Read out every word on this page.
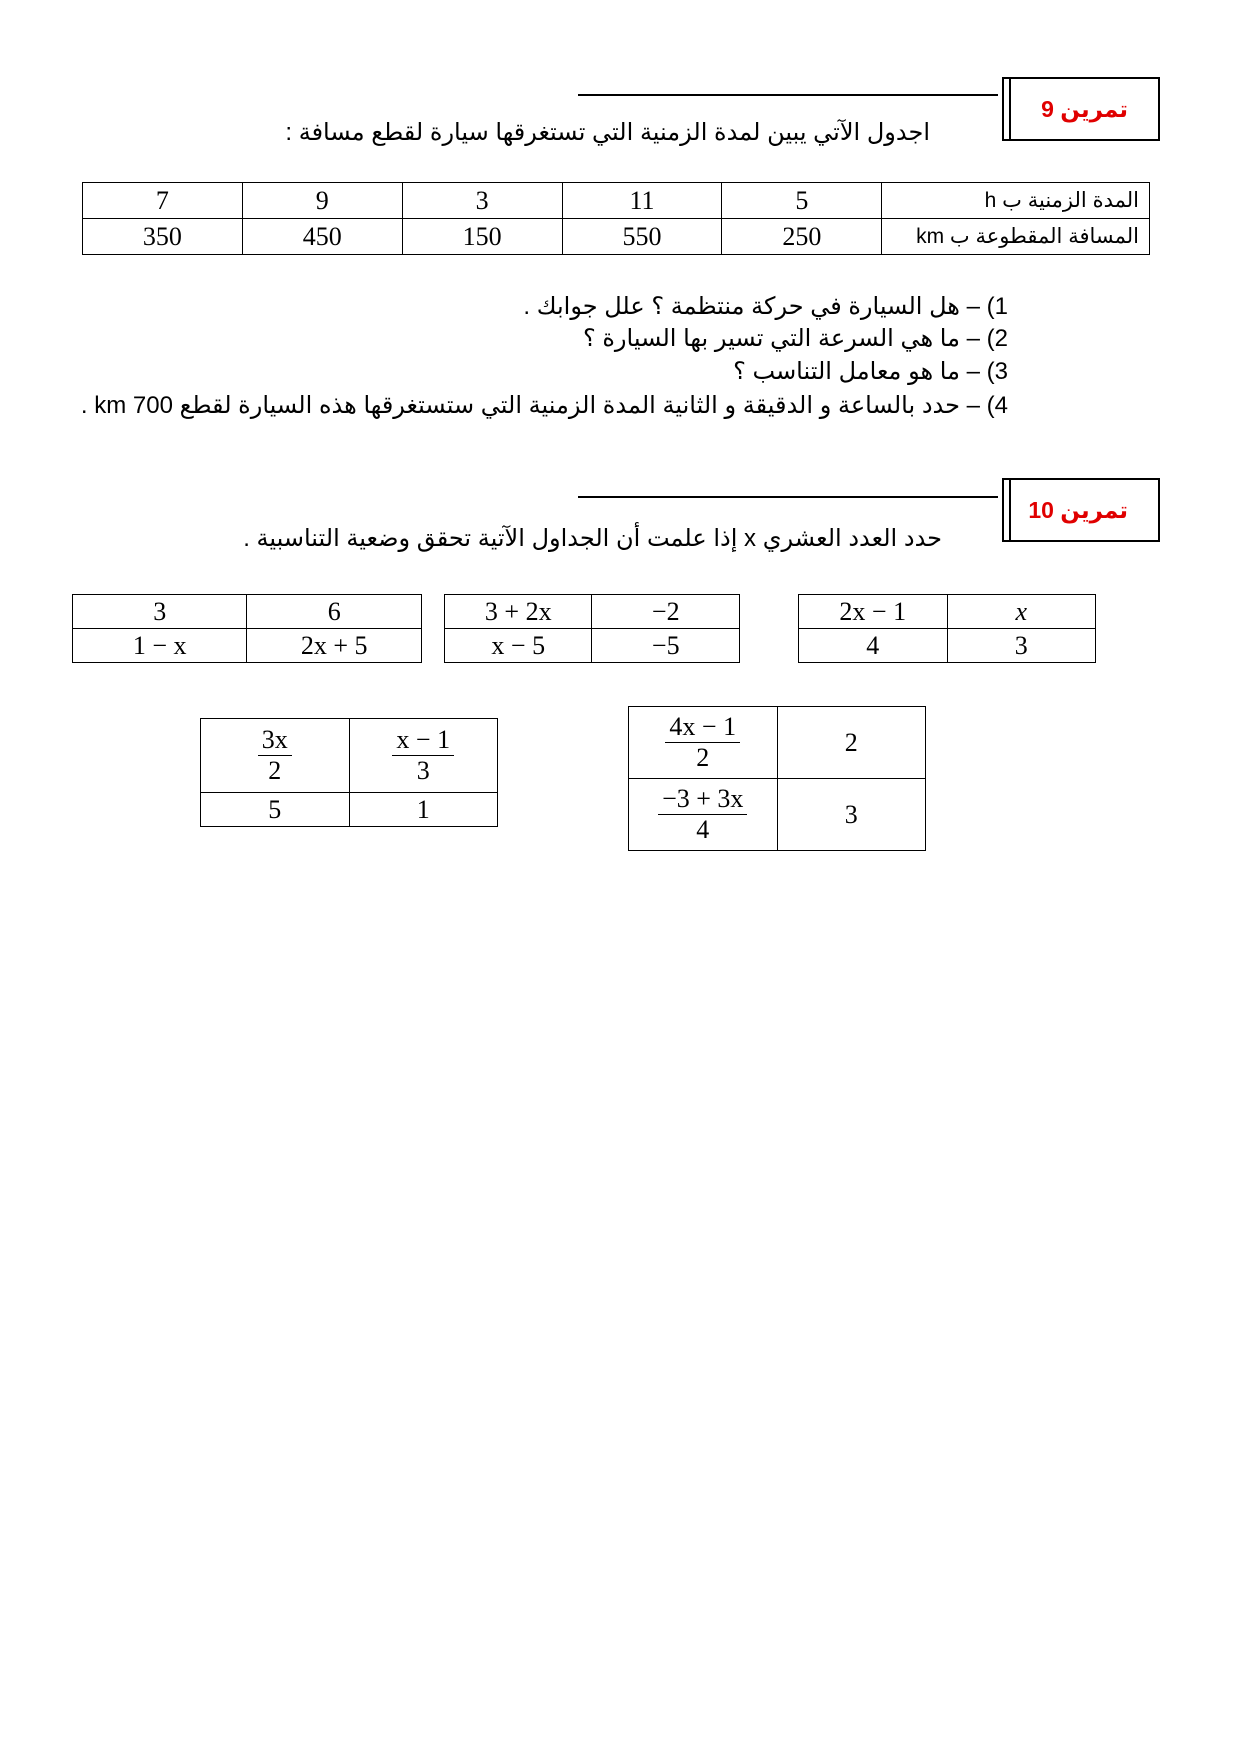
تمرين 9
اجدول الآتي يبين لمدة الزمنية التي تستغرقها سيارة لقطع مسافة :
المدة الزمنية ب h	5	11	3	9	7
المسافة المقطوعة ب km	250	550	150	450	350
1) – هل السيارة في حركة منتظمة ؟ علل جوابك .
2) – ما هي السرعة التي تسير بها السيارة ؟
3) – ما هو معامل التناسب ؟
4) – حدد بالساعة و الدقيقة و الثانية المدة الزمنية التي ستستغرقها هذه السيارة لقطع 700 km .
تمرين 10
حدد العدد العشري x إذا علمت أن الجداول الآتية تحقق وضعية التناسبية .
3	6
1 − x	2x + 5
3 + 2x	−2
x − 5	−5
2x − 1	x
4	3
$\frac{3x}{2}$	$\frac{x - 1}{3}$

5	1
$\frac{4x - 1}{2}$	2

$\frac{-3 + 3x}{4}$	3
